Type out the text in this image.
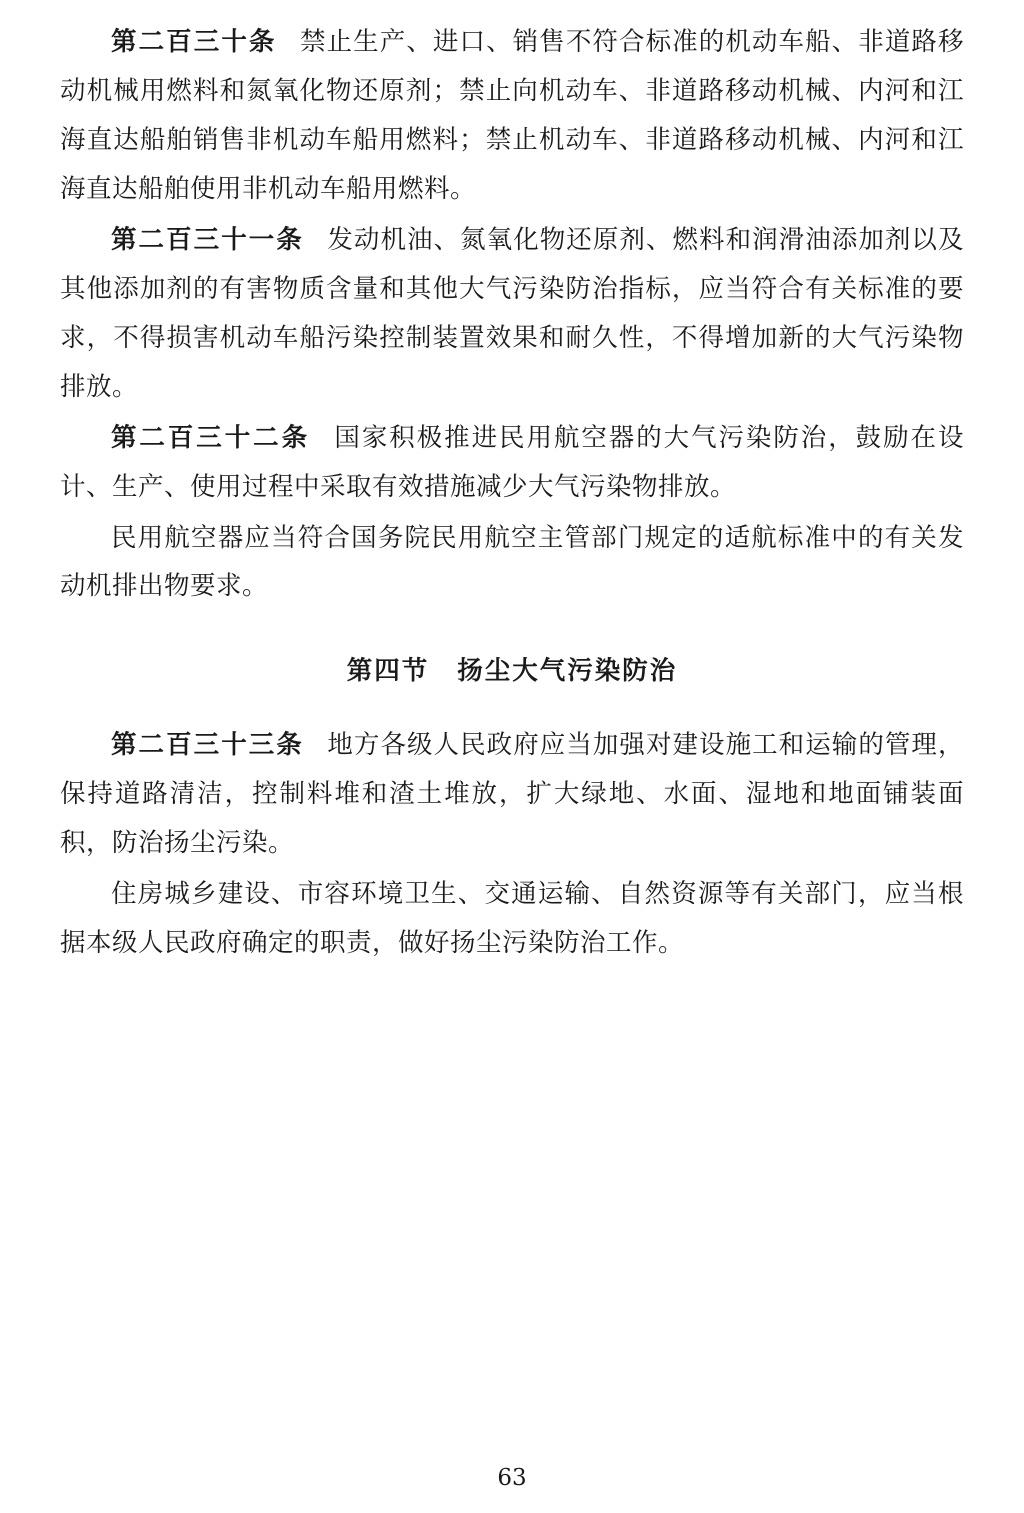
第二百三十条 禁止生产、进口、销售不符合标准的机动车船、非道路移动机械用燃料和氮氧化物还原剂；禁止向机动车、非道路移动机械、内河和江海直达船舶销售非机动车船用燃料；禁止机动车、非道路移动机械、内河和江海直达船舶使用非机动车船用燃料。

第二百三十一条 发动机油、氮氧化物还原剂、燃料和润滑油添加剂以及其他添加剂的有害物质含量和其他大气污染防治指标，应当符合有关标准的要求，不得损害机动车船污染控制装置效果和耐久性，不得增加新的大气污染物排放。

第二百三十二条 国家积极推进民用航空器的大气污染防治，鼓励在设计、生产、使用过程中采取有效措施减少大气污染物排放。

民用航空器应当符合国务院民用航空主管部门规定的适航标准中的有关发动机排出物要求。

第四节 扬尘大气污染防治

第二百三十三条 地方各级人民政府应当加强对建设施工和运输的管理，保持道路清洁，控制料堆和渣土堆放，扩大绿地、水面、湿地和地面铺装面积，防治扬尘污染。

住房城乡建设、市容环境卫生、交通运输、自然资源等有关部门，应当根据本级人民政府确定的职责，做好扬尘污染防治工作。

63
